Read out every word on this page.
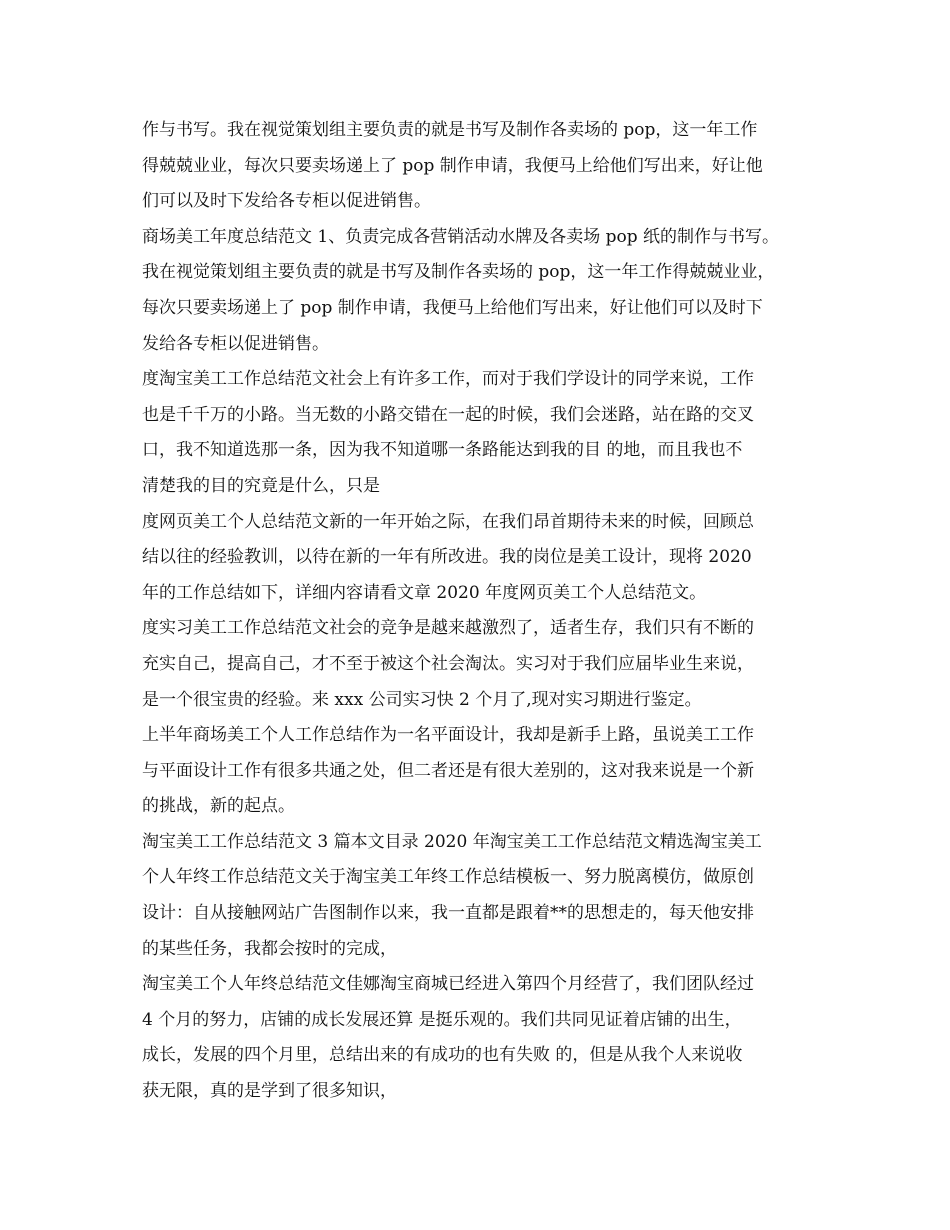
作与书写。我在视觉策划组主要负责的就是书写及制作各卖场的 pop，这一年工作
得兢兢业业，每次只要卖场递上了 pop 制作申请，我便马上给他们写出来，好让他
们可以及时下发给各专柜以促进销售。
商场美工年度总结范文 1、负责完成各营销活动水牌及各卖场 pop 纸的制作与书写。
我在视觉策划组主要负责的就是书写及制作各卖场的 pop，这一年工作得兢兢业业，
每次只要卖场递上了 pop 制作申请，我便马上给他们写出来，好让他们可以及时下
发给各专柜以促进销售。
度淘宝美工工作总结范文社会上有许多工作，而对于我们学设计的同学来说，工作
也是千千万的小路。当无数的小路交错在一起的时候，我们会迷路，站在路的交叉
口，我不知道选那一条，因为我不知道哪一条路能达到我的目 的地，而且我也不
清楚我的目的究竟是什么，只是
度网页美工个人总结范文新的一年开始之际，在我们昂首期待未来的时候，回顾总
结以往的经验教训，以待在新的一年有所改进。我的岗位是美工设计，现将 2020
年的工作总结如下，详细内容请看文章 2020 年度网页美工个人总结范文。
度实习美工工作总结范文社会的竞争是越来越激烈了，适者生存，我们只有不断的
充实自己，提高自己，才不至于被这个社会淘汰。实习对于我们应届毕业生来说，
是一个很宝贵的经验。来 xxx 公司实习快 2 个月了,现对实习期进行鉴定。
上半年商场美工个人工作总结作为一名平面设计，我却是新手上路，虽说美工工作
与平面设计工作有很多共通之处，但二者还是有很大差别的，这对我来说是一个新
的挑战，新的起点。
淘宝美工工作总结范文 3 篇本文目录 2020 年淘宝美工工作总结范文精选淘宝美工
个人年终工作总结范文关于淘宝美工年终工作总结模板一、努力脱离模仿，做原创
设计：自从接触网站广告图制作以来，我一直都是跟着**的思想走的，每天他安排
的某些任务，我都会按时的完成，
淘宝美工个人年终总结范文佳娜淘宝商城已经进入第四个月经营了，我们团队经过
4 个月的努力，店铺的成长发展还算 是挺乐观的。我们共同见证着店铺的出生，
成长，发展的四个月里，总结出来的有成功的也有失败 的，但是从我个人来说收
获无限，真的是学到了很多知识，
